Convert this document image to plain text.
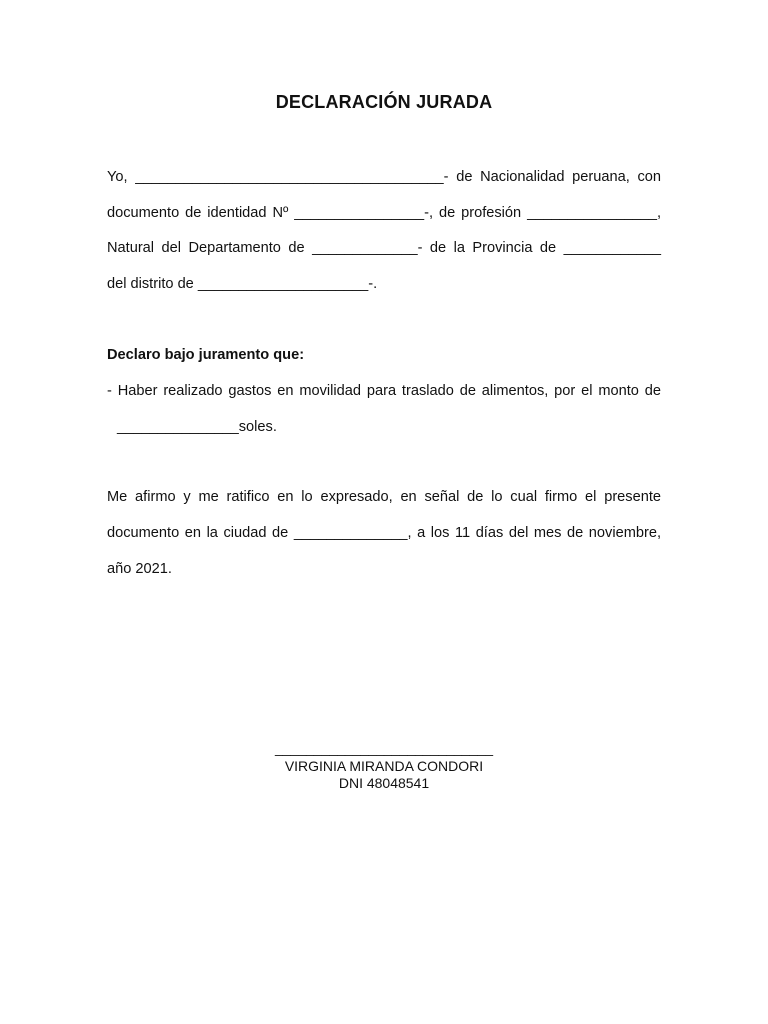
DECLARACIÓN JURADA
Yo, ______________________________________- de Nacionalidad peruana, con
documento de identidad Nº ________________-, de profesión ________________,
Natural del Departamento de _____________- de la Provincia de ____________
del distrito de _____________________-.
Declaro bajo juramento que:
- Haber realizado gastos en movilidad para traslado de alimentos, por el monto de
_______________soles.
Me afirmo y me ratifico en lo expresado, en señal de lo cual firmo el presente
documento en la ciudad de ______________, a los 11 días del mes de noviembre,
año 2021.
____________________________
VIRGINIA MIRANDA CONDORI
DNI 48048541
